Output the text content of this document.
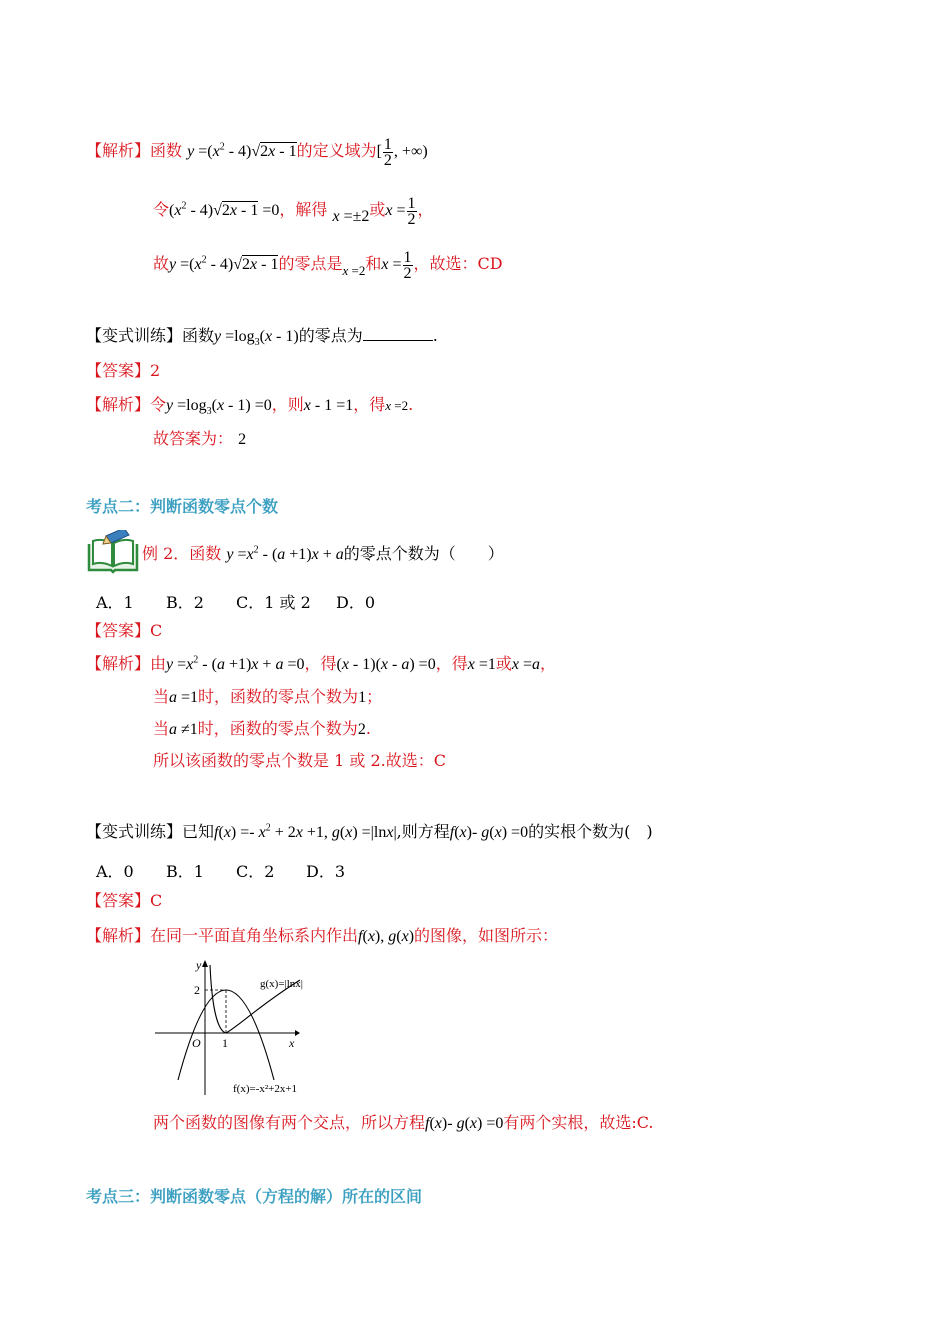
【解析】函数 $y =(x^2 - 4)√2x - 1$的定义域为[ $\frac{1}{2}$ , +∞)
令$(x^2 - 4)√2x - 1 =0$，解得 x =±2或$x = \frac{1}{2}$ ，
故$y =(x^2 - 4)√2x - 1$的零点是$_{x =2}$和$x = \frac{1}{2}$ ，故选：CD
【变式训练】函数$y =\log_3(x - 1)$的零点为	.
【答案】2
【解析】令$y =\log_3(x - 1) =0$，则x - 1 =1，得x =2.
故答案为： 2
考点二：判断函数零点个数
例 2．函数 $y =x^2 - (a +1)x + a$的零点个数为（　　）
A．1 B．2 C．1 或 2 D．0
【答案】C
【解析】由$y =x^2 - (a +1)x + a =0$，得(x - 1)(x - a) =0，得x =1或x =a，
当a =1时，函数的零点个数为1；
当a ≠1时，函数的零点个数为2.
所以该函数的零点个数是 1 或 2.故选：C
【变式训练】已知$f(x) =- x^2 + 2x +1$, g(x) =|lnx|,则方程f(x)- g(x) =0的实根个数为(　)
A．0 B．1 C．2 D．3
【答案】C
【解析】在同一平面直角坐标系内作出f(x), g(x)的图像，如图所示：
y
x
O
2
1
g(x)=|lnx|
f(x)=-x²+2x+1
两个函数的图像有两个交点，所以方程f(x)- g(x) =0有两个实根，故选:C.
考点三：判断函数零点（方程的解）所在的区间
